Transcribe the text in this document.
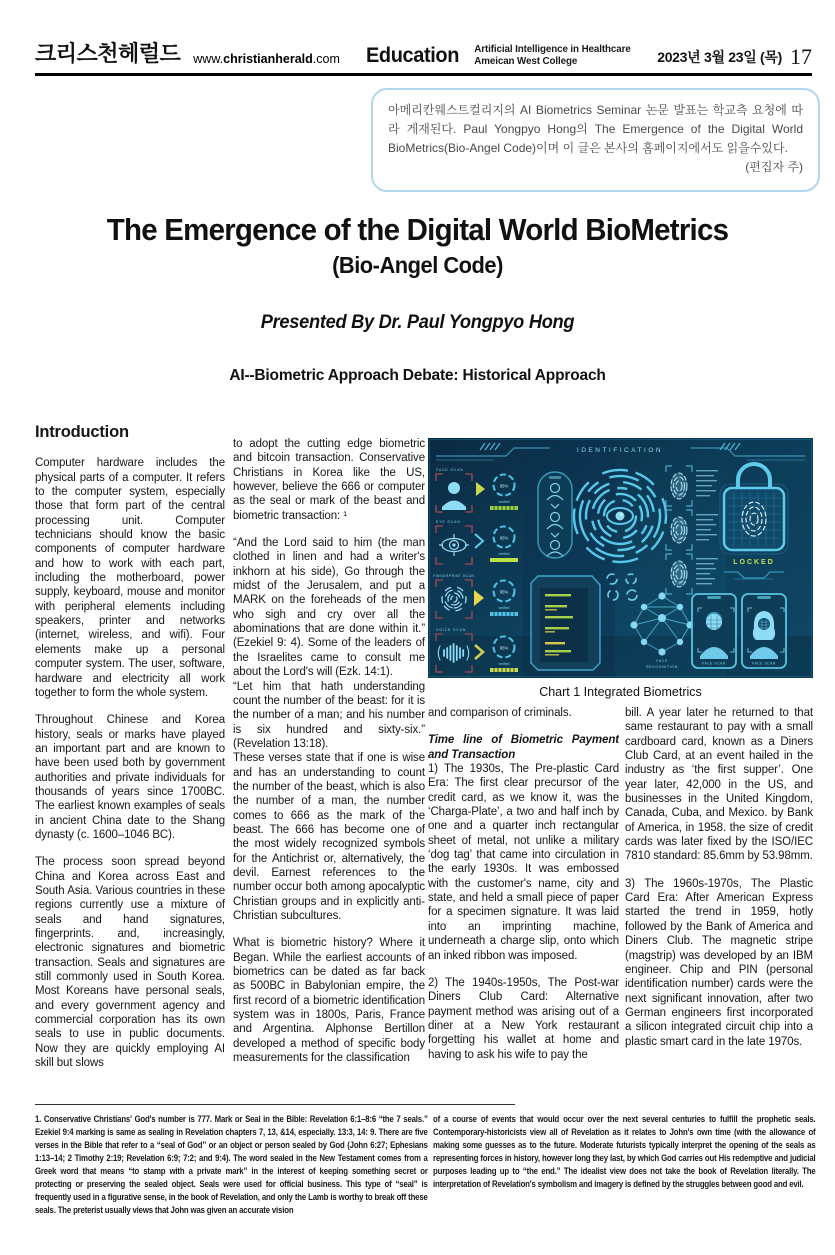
크리스천헤럴드 www.christianherald.com Education Artificial Intelligence in Healthcare
Ameican West College	2023년 3월 23일 (목) 17
아메리칸웨스트컬리지의 AI Biometrics Seminar 논문 발표는 학교측 요청에 따라 게재된다. Paul Yongpyo Hong의 The Emergence of the Digital World BioMetrics(Bio-Angel Code)이며 이 글은 본사의 홈페이지에서도 읽을수있다.
(편집자 주)
The Emergence of the Digital World BioMetrics
(Bio-Angel Code)
Presented By Dr. Paul Yongpyo Hong
AI--Biometric Approach Debate: Historical Approach
Introduction

Computer hardware includes the physical parts of a computer. It refers to the computer system, especially those that form part of the central processing unit. Computer technicians should know the basic components of computer hardware and how to work with each part, including the motherboard, power supply, keyboard, mouse and monitor with peripheral elements including speakers, printer and networks (internet, wireless, and wifi). Four elements make up a personal computer system. The user, software, hardware and electricity all work together to form the whole system.

Throughout Chinese and Korea history, seals or marks have played an important part and are known to have been used both by government authorities and private individuals for thousands of years since 1700BC. The earliest known examples of seals in ancient China date to the Shang dynasty (c. 1600–1046 BC).

The process soon spread beyond China and Korea across East and South Asia. Various countries in these regions currently use a mixture of seals and hand signatures, fingerprints. and, increasingly, electronic signatures and biometric transaction. Seals and signatures are still commonly used in South Korea. Most Koreans have personal seals, and every government agency and commercial corporation has its own seals to use in public documents. Now they are quickly employing AI skill but slows

to adopt the cutting edge biometric and bitcoin transaction. Conservative Christians in Korea like the US, however, believe the 666 or computer as the seal or mark of the beast and biometric transaction: ¹

“And the Lord said to him (the man clothed in linen and had a writer's inkhorn at his side), Go through the midst of the Jerusalem, and put a MARK on the foreheads of the men who sigh and cry over all the abominations that are done within it.” (Ezekiel 9: 4). Some of the leaders of the Israelites came to consult me about the Lord's will (Ezk. 14:1).

“Let him that hath understanding count the number of the beast: for it is the number of a man; and his number is six hundred and sixty-six.” (Revelation 13:18).

These verses state that if one is wise and has an understanding to count the number of the beast, which is also the number of a man, the number comes to 666 as the mark of the beast. The 666 has become one of the most widely recognized symbols for the Antichrist or, alternatively, the devil. Earnest references to the number occur both among apocalyptic Christian groups and in explicitly anti-Christian subcultures.

What is biometric history? Where it Began. While the earliest accounts of biometrics can be dated as far back as 500BC in Babylonian empire, the first record of a biometric identification system was in 1800s, Paris, France and Argentina. Alphonse Bertillon developed a method of specific body measurements for the classification

IDENTIFICATION
FACE SCAN
95%
verified
EYE SCAN
95%
verified
FINGERPRINT SCAN
95%
verified
VOICE SCAN
95%
verified
FACE
RECOGNITION
LOCKED
FACE SCAN	FACE SCAN
Chart 1 Integrated Biometrics

and comparison of criminals.

Time line of Biometric Payment and Transaction

1) The 1930s, The Pre-plastic Card Era: The first clear precursor of the credit card, as we know it, was the ‘Charga-Plate’, a two and half inch by one and a quarter inch rectangular sheet of metal, not unlike a military ‘dog tag’ that came into circulation in the early 1930s. It was embossed with the customer's name, city and state, and held a small piece of paper for a specimen signature. It was laid into an imprinting machine, underneath a charge slip, onto which an inked ribbon was imposed.

2) The 1940s-1950s, The Post-war Diners Club Card: Alternative payment method was arising out of a diner at a New York restaurant forgetting his wallet at home and having to ask his wife to pay the

bill. A year later he returned to that same restaurant to pay with a small cardboard card, known as a Diners Club Card, at an event hailed in the industry as ‘the first supper’. One year later, 42,000 in the US, and businesses in the United Kingdom, Canada, Cuba, and Mexico. by Bank of America, in 1958. the size of credit cards was later fixed by the ISO/IEC 7810 standard: 85.6mm by 53.98mm.

3) The 1960s-1970s, The Plastic Card Era: After American Express started the trend in 1959, hotly followed by the Bank of America and Diners Club. The magnetic stripe (magstrip) was developed by an IBM engineer. Chip and PIN (personal identification number) cards were the next significant innovation, after two German engineers first incorporated a silicon integrated circuit chip into a plastic smart card in the late 1970s.

1. Conservative Christians' God's number is 777. Mark or Seal in the Bible: Revelation 6:1–8:6 “the 7 seals.” Ezekiel 9:4 marking is same as sealing in Revelation chapters 7, 13, &14, especially. 13:3, 14: 9. There are five verses in the Bible that refer to a “seal of God” or an object or person sealed by God (John 6:27; Ephesians 1:13–14; 2 Timothy 2:19; Revelation 6:9; 7:2; and 9:4). The word sealed in the New Testament comes from a Greek word that means “to stamp with a private mark” in the interest of keeping something secret or protecting or preserving the sealed object. Seals were used for official business. This type of “seal” is frequently used in a figurative sense, in the book of Revelation, and only the Lamb is worthy to break off these seals. The preterist usually views that John was given an accurate vision
of a course of events that would occur over the next several centuries to fulfill the prophetic seals. Contemporary-historicists view all of Revelation as it relates to John's own time (with the allowance of making some guesses as to the future. Moderate futurists typically interpret the opening of the seals as representing forces in history, however long they last, by which God carries out His redemptive and judicial purposes leading up to “the end.” The idealist view does not take the book of Revelation literally. The interpretation of Revelation's symbolism and imagery is defined by the struggles between good and evil.
